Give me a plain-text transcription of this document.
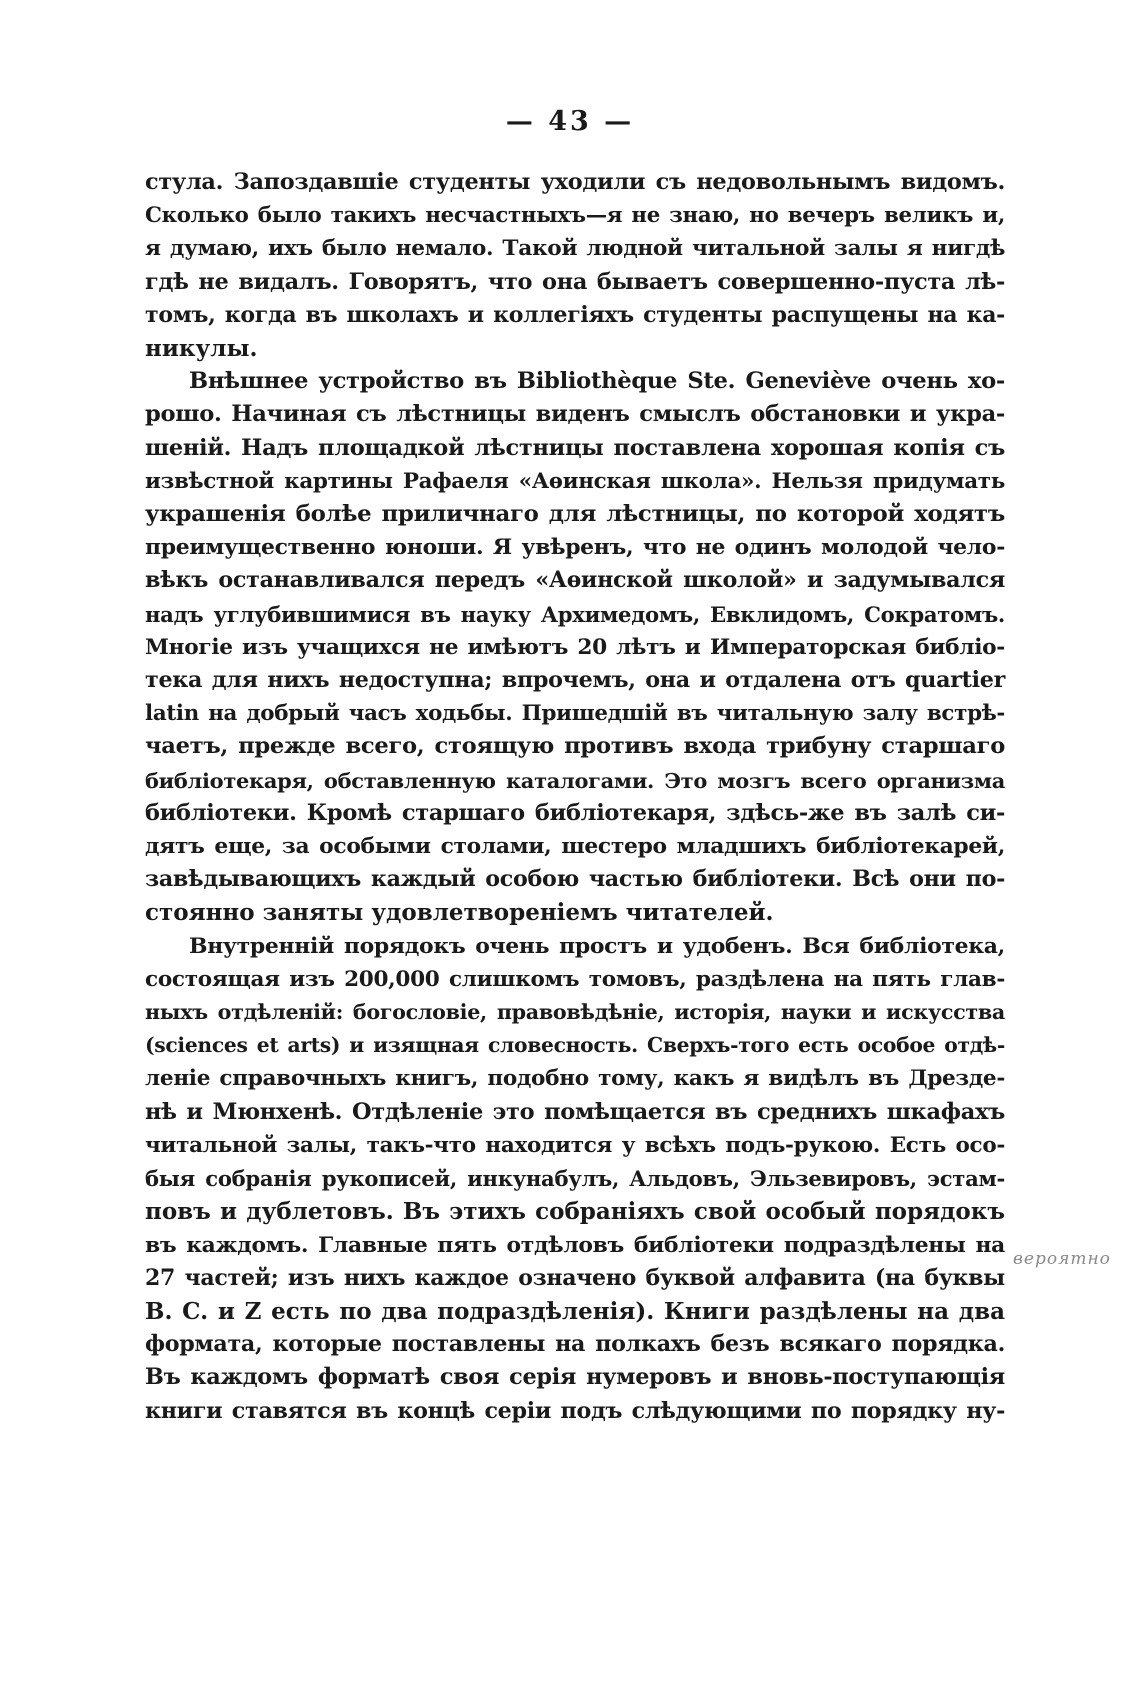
— 43 —
стула. Запоздавшіе студенты уходили съ недовольнымъ видомъ.
Сколько было такихъ несчастныхъ—я не знаю, но вечеръ великъ и,
я думаю, ихъ было немало. Такой людной читальной залы я нигдѣ
гдѣ не видалъ. Говорятъ, что она бываетъ совершенно-пуста лѣ-
томъ, когда въ школахъ и коллегіяхъ студенты распущены на ка-
никулы.
Внѣшнее устройство въ Bibliothèque Ste. Geneviève очень хо-
рошо. Начиная съ лѣстницы виденъ смыслъ обстановки и укра-
шеній. Надъ площадкой лѣстницы поставлена хорошая копія съ
извѣстной картины Рафаеля «Аѳинская школа». Нельзя придумать
украшенія болѣе приличнаго для лѣстницы, по которой ходятъ
преимущественно юноши. Я увѣренъ, что не одинъ молодой чело-
вѣкъ останавливался передъ «Аѳинской школой» и задумывался
надъ углубившимися въ науку Архимедомъ, Евклидомъ, Сократомъ.
Многіе изъ учащихся не имѣютъ 20 лѣтъ и Императорская библіо-
тека для нихъ недоступна; впрочемъ, она и отдалена отъ quartier
latin на добрый часъ ходьбы. Пришедшій въ читальную залу встрѣ-
чаетъ, прежде всего, стоящую противъ входа трибуну старшаго
библіотекаря, обставленную каталогами. Это мозгъ всего организма
библіотеки. Кромѣ старшаго библіотекаря, здѣсь-же въ залѣ си-
дятъ еще, за особыми столами, шестеро младшихъ библіотекарей,
завѣдывающихъ каждый особою частью библіотеки. Всѣ они по-
стоянно заняты удовлетвореніемъ читателей.
Внутренній порядокъ очень простъ и удобенъ. Вся библіотека,
состоящая изъ 200,000 слишкомъ томовъ, раздѣлена на пять глав-
ныхъ отдѣленій: богословіе, правовѣдѣніе, исторія, науки и искусства
(sciences et arts) и изящная словесность. Сверхъ-того есть особое отдѣ-
леніе справочныхъ книгъ, подобно тому, какъ я видѣлъ въ Дрезде-
нѣ и Мюнхенѣ. Отдѣленіе это помѣщается въ среднихъ шкафахъ
читальной залы, такъ-что находится у всѣхъ подъ-рукою. Есть осо-
быя собранія рукописей, инкунабулъ, Альдовъ, Эльзевировъ, эстам-
повъ и дублетовъ. Въ этихъ собраніяхъ свой особый порядокъ
въ каждомъ. Главные пять отдѣловъ библіотеки подраздѣлены на
27 частей; изъ нихъ каждое означено буквой алфавита (на буквы
B. C. и Z есть по два подраздѣленія). Книги раздѣлены на два
формата, которые поставлены на полкахъ безъ всякаго порядка.
Въ каждомъ форматѣ своя серія нумеровъ и вновь-поступающія
книги ставятся въ концѣ серіи подъ слѣдующими по порядку ну-
вероятно
